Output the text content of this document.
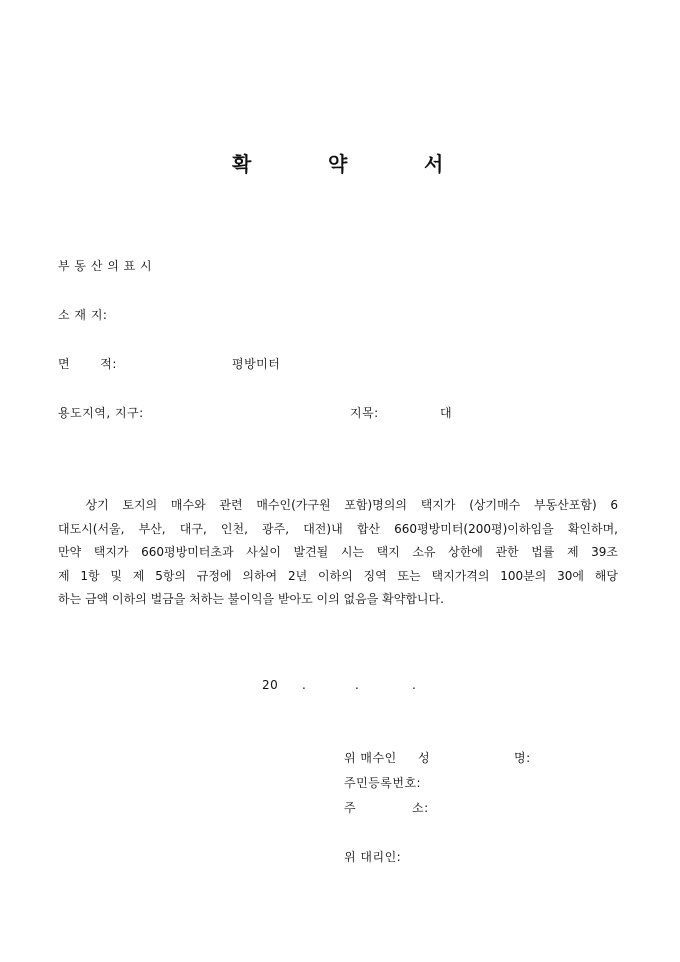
확	약	서
부 동 산 의 표 시
소 재 지:
면       적:	평방미터
용도지역, 지구:	지목:	대
상기 토지의 매수와 관련 매수인(가구원 포함)명의의 택지가 (상기매수 부동산포함) 6
대도시(서울, 부산, 대구, 인천, 광주, 대전)내 합산 660평방미터(200평)이하임을 확인하며,
만약 택지가 660평방미터초과 사실이 발견될 시는 택지 소유 상한에 관한 법률 제 39조
제 1항 및 제 5항의 규정에 의하여 2년 이하의 징역 또는 택지가격의 100분의 30에 해당
하는 금액 이하의 벌금을 처하는 불이익을 받아도 이의 없음을 확약합니다.
20 .	.	.
위 매수인 성	명:
주민등록번호:
주	소:
위 대리인:
